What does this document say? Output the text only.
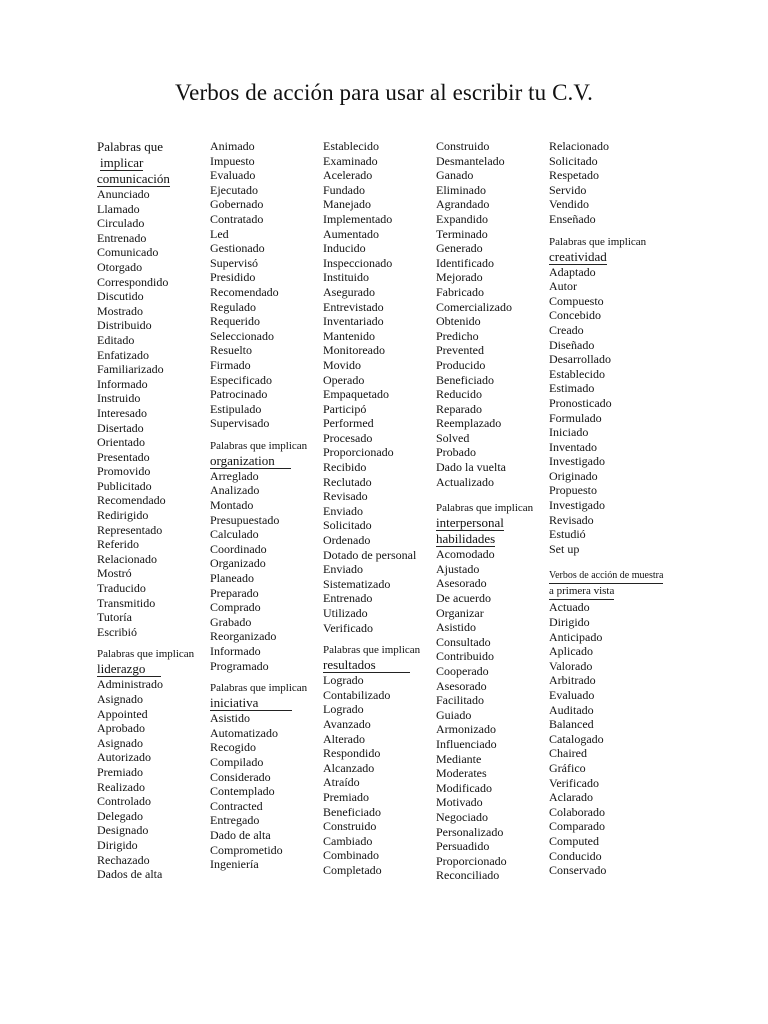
Verbos de acción para usar al escribir tu C.V.
Palabras que
implicar
comunicación
Anunciado
Llamado
Circulado
Entrenado
Comunicado
Otorgado
Correspondido
Discutido
Mostrado
Distribuido
Editado
Enfatizado
Familiarizado
Informado
Instruido
Interesado
Disertado
Orientado
Presentado
Promovido
Publicitado
Recomendado
Redirigido
Representado
Referido
Relacionado
Mostró
Traducido
Transmitido
Tutoría
Escribió
Palabras que implican
liderazgo
Administrado
Asignado
Appointed
Aprobado
Asignado
Autorizado
Premiado
Realizado
Controlado
Delegado
Designado
Dirigido
Rechazado
Dados de alta
Animado
Impuesto
Evaluado
Ejecutado
Gobernado
Contratado
Led
Gestionado
Supervisó
Presidido
Recomendado
Regulado
Requerido
Seleccionado
Resuelto
Firmado
Especificado
Patrocinado
Estipulado
Supervisado
Palabras que implican
organization
Arreglado
Analizado
Montado
Presupuestado
Calculado
Coordinado
Organizado
Planeado
Preparado
Comprado
Grabado
Reorganizado
Informado
Programado
Palabras que implican
iniciativa
Asistido
Automatizado
Recogido
Compilado
Considerado
Contemplado
Contracted
Entregado
Dado de alta
Comprometido
Ingeniería
Establecido
Examinado
Acelerado
Fundado
Manejado
Implementado
Aumentado
Inducido
Inspeccionado
Instituido
Asegurado
Entrevistado
Inventariado
Mantenido
Monitoreado
Movido
Operado
Empaquetado
Participó
Performed
Procesado
Proporcionado
Recibido
Reclutado
Revisado
Enviado
Solicitado
Ordenado
Dotado de personal
Enviado
Sistematizado
Entrenado
Utilizado
Verificado
Palabras que implican
resultados
Logrado
Contabilizado
Logrado
Avanzado
Alterado
Respondido
Alcanzado
Atraído
Premiado
Beneficiado
Construido
Cambiado
Combinado
Completado
Construido
Desmantelado
Ganado
Eliminado
Agrandado
Expandido
Terminado
Generado
Identificado
Mejorado
Fabricado
Comercializado
Obtenido
Predicho
Prevented
Producido
Beneficiado
Reducido
Reparado
Reemplazado
Solved
Probado
Dado la vuelta
Actualizado
Palabras que implican
interpersonal
habilidades
Acomodado
Ajustado
Asesorado
De acuerdo
Organizar
Asistido
Consultado
Contribuido
Cooperado
Asesorado
Facilitado
Guiado
Armonizado
Influenciado
Mediante
Moderates
Modificado
Motivado
Negociado
Personalizado
Persuadido
Proporcionado
Reconciliado
Relacionado
Solicitado
Respetado
Servido
Vendido
Enseñado
Palabras que implican
creatividad
Adaptado
Autor
Compuesto
Concebido
Creado
Diseñado
Desarrollado
Establecido
Estimado
Pronosticado
Formulado
Iniciado
Inventado
Investigado
Originado
Propuesto
Investigado
Revisado
Estudió
Set up
Verbos de acción de muestra
a primera vista
Actuado
Dirigido
Anticipado
Aplicado
Valorado
Arbitrado
Evaluado
Auditado
Balanced
Catalogado
Chaired
Gráfico
Verificado
Aclarado
Colaborado
Comparado
Computed
Conducido
Conservado
